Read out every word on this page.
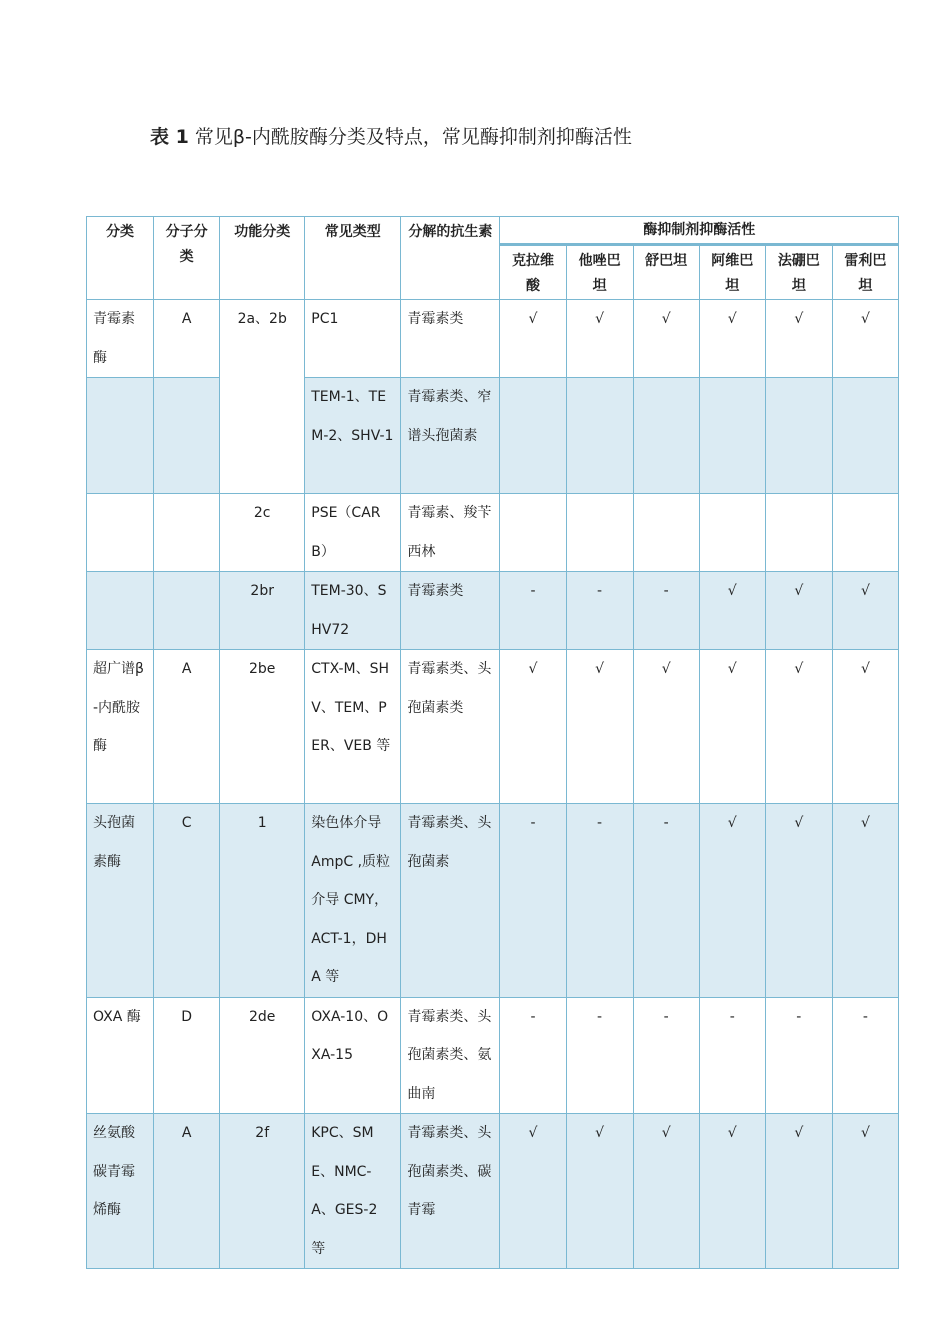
表 1 常见β-内酰胺酶分类及特点，常见酶抑制剂抑酶活性
分类	分子分类	功能分类	常见类型	分解的抗生素	酶抑制剂抑酶活性					
					克拉维酸	他唑巴坦	舒巴坦	阿维巴坦	法硼巴坦	雷利巴坦
青霉素酶	A	2a、2b	PC1	青霉素类	√	√	√	√	√	√
			TEM-1、TEM-2、SHV-1	青霉素类、窄谱头孢菌素						
		2c	PSE（CARB）	青霉素、羧苄西林						
		2br	TEM-30、SHV72	青霉素类	-	-	-	√	√	√
超广谱β-内酰胺酶	A	2be	CTX-M、SHV、TEM、PER、VEB 等	青霉素类、头孢菌素类	√	√	√	√	√	√
头孢菌素酶	C	1	染色体介导 AmpC ,质粒介导 CMY，ACT-1，DHA 等	青霉素类、头孢菌素	-	-	-	√	√	√
OXA 酶	D	2de	OXA-10、OXA-15	青霉素类、头孢菌素类、氨曲南	-	-	-	-	-	-
丝氨酸碳青霉烯酶	A	2f	KPC、SME、NMC-A、GES-2 等	青霉素类、头孢菌素类、碳青霉	√	√	√	√	√	√
